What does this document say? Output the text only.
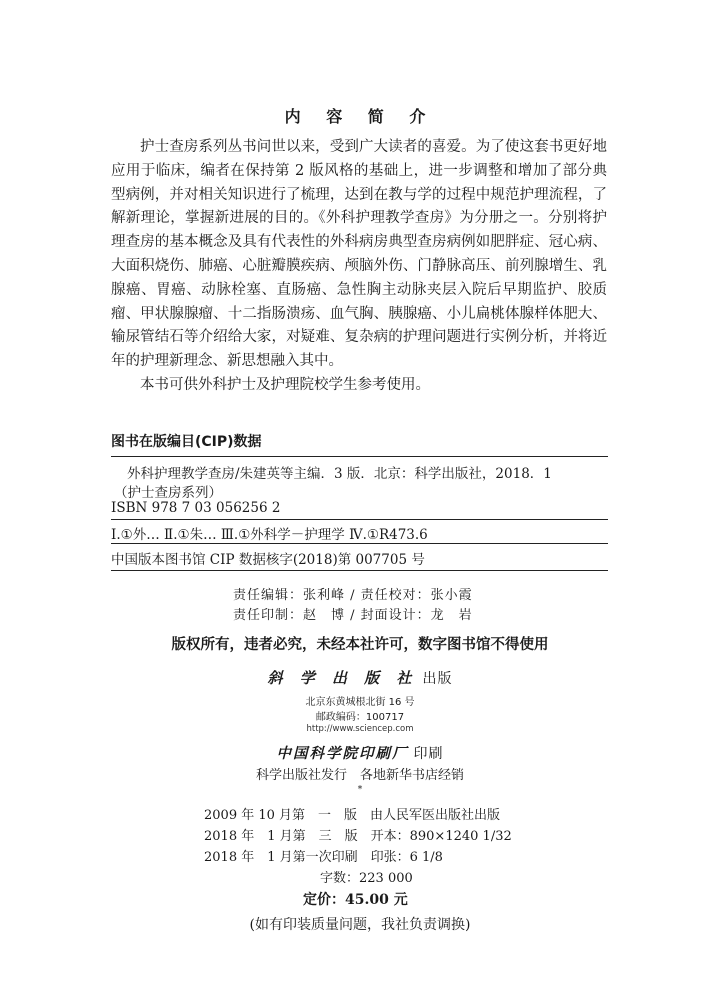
内 容 简 介

护士查房系列丛书问世以来，受到广大读者的喜爱。为了使这套书更好地应用于临床，编者在保持第 2 版风格的基础上，进一步调整和增加了部分典型病例，并对相关知识进行了梳理，达到在教与学的过程中规范护理流程，了解新理论，掌握新进展的目的。《外科护理教学查房》为分册之一。分别将护理查房的基本概念及具有代表性的外科病房典型查房病例如肥胖症、冠心病、大面积烧伤、肺癌、心脏瓣膜疾病、颅脑外伤、门静脉高压、前列腺增生、乳腺癌、胃癌、动脉栓塞、直肠癌、急性胸主动脉夹层入院后早期监护、胶质瘤、甲状腺腺瘤、十二指肠溃疡、血气胸、胰腺癌、小儿扁桃体腺样体肥大、输尿管结石等介绍给大家，对疑难、复杂病的护理问题进行实例分析，并将近年的护理新理念、新思想融入其中。

本书可供外科护士及护理院校学生参考使用。

图书在版编目(CIP)数据
外科护理教学查房/朱建英等主编．3 版．北京：科学出版社，2018．1
（护士查房系列）
ISBN 978 7 03 056256 2
Ⅰ.①外… Ⅱ.①朱… Ⅲ.①外科学－护理学 Ⅳ.①R473.6
中国版本图书馆 CIP 数据核字(2018)第 007705 号
责任编辑：张利峰 / 责任校对：张小霞
责任印制：赵　博 / 封面设计：龙　岩
版权所有，违者必究，未经本社许可，数字图书馆不得使用
斜 学 出 版 社 出版
北京东黄城根北街 16 号
邮政编码：100717
http://www.sciencep.com
中国科学院印刷厂 印刷
科学出版社发行　各地新华书店经销
*
2009 年 10 月第　一　版　由人民军医出版社出版
2018 年　1 月第　三　版　开本：890×1240 1/32
2018 年　1 月第一次印刷　印张：6 1/8
字数：223 000
定价：45.00 元
(如有印装质量问题，我社负责调换)
